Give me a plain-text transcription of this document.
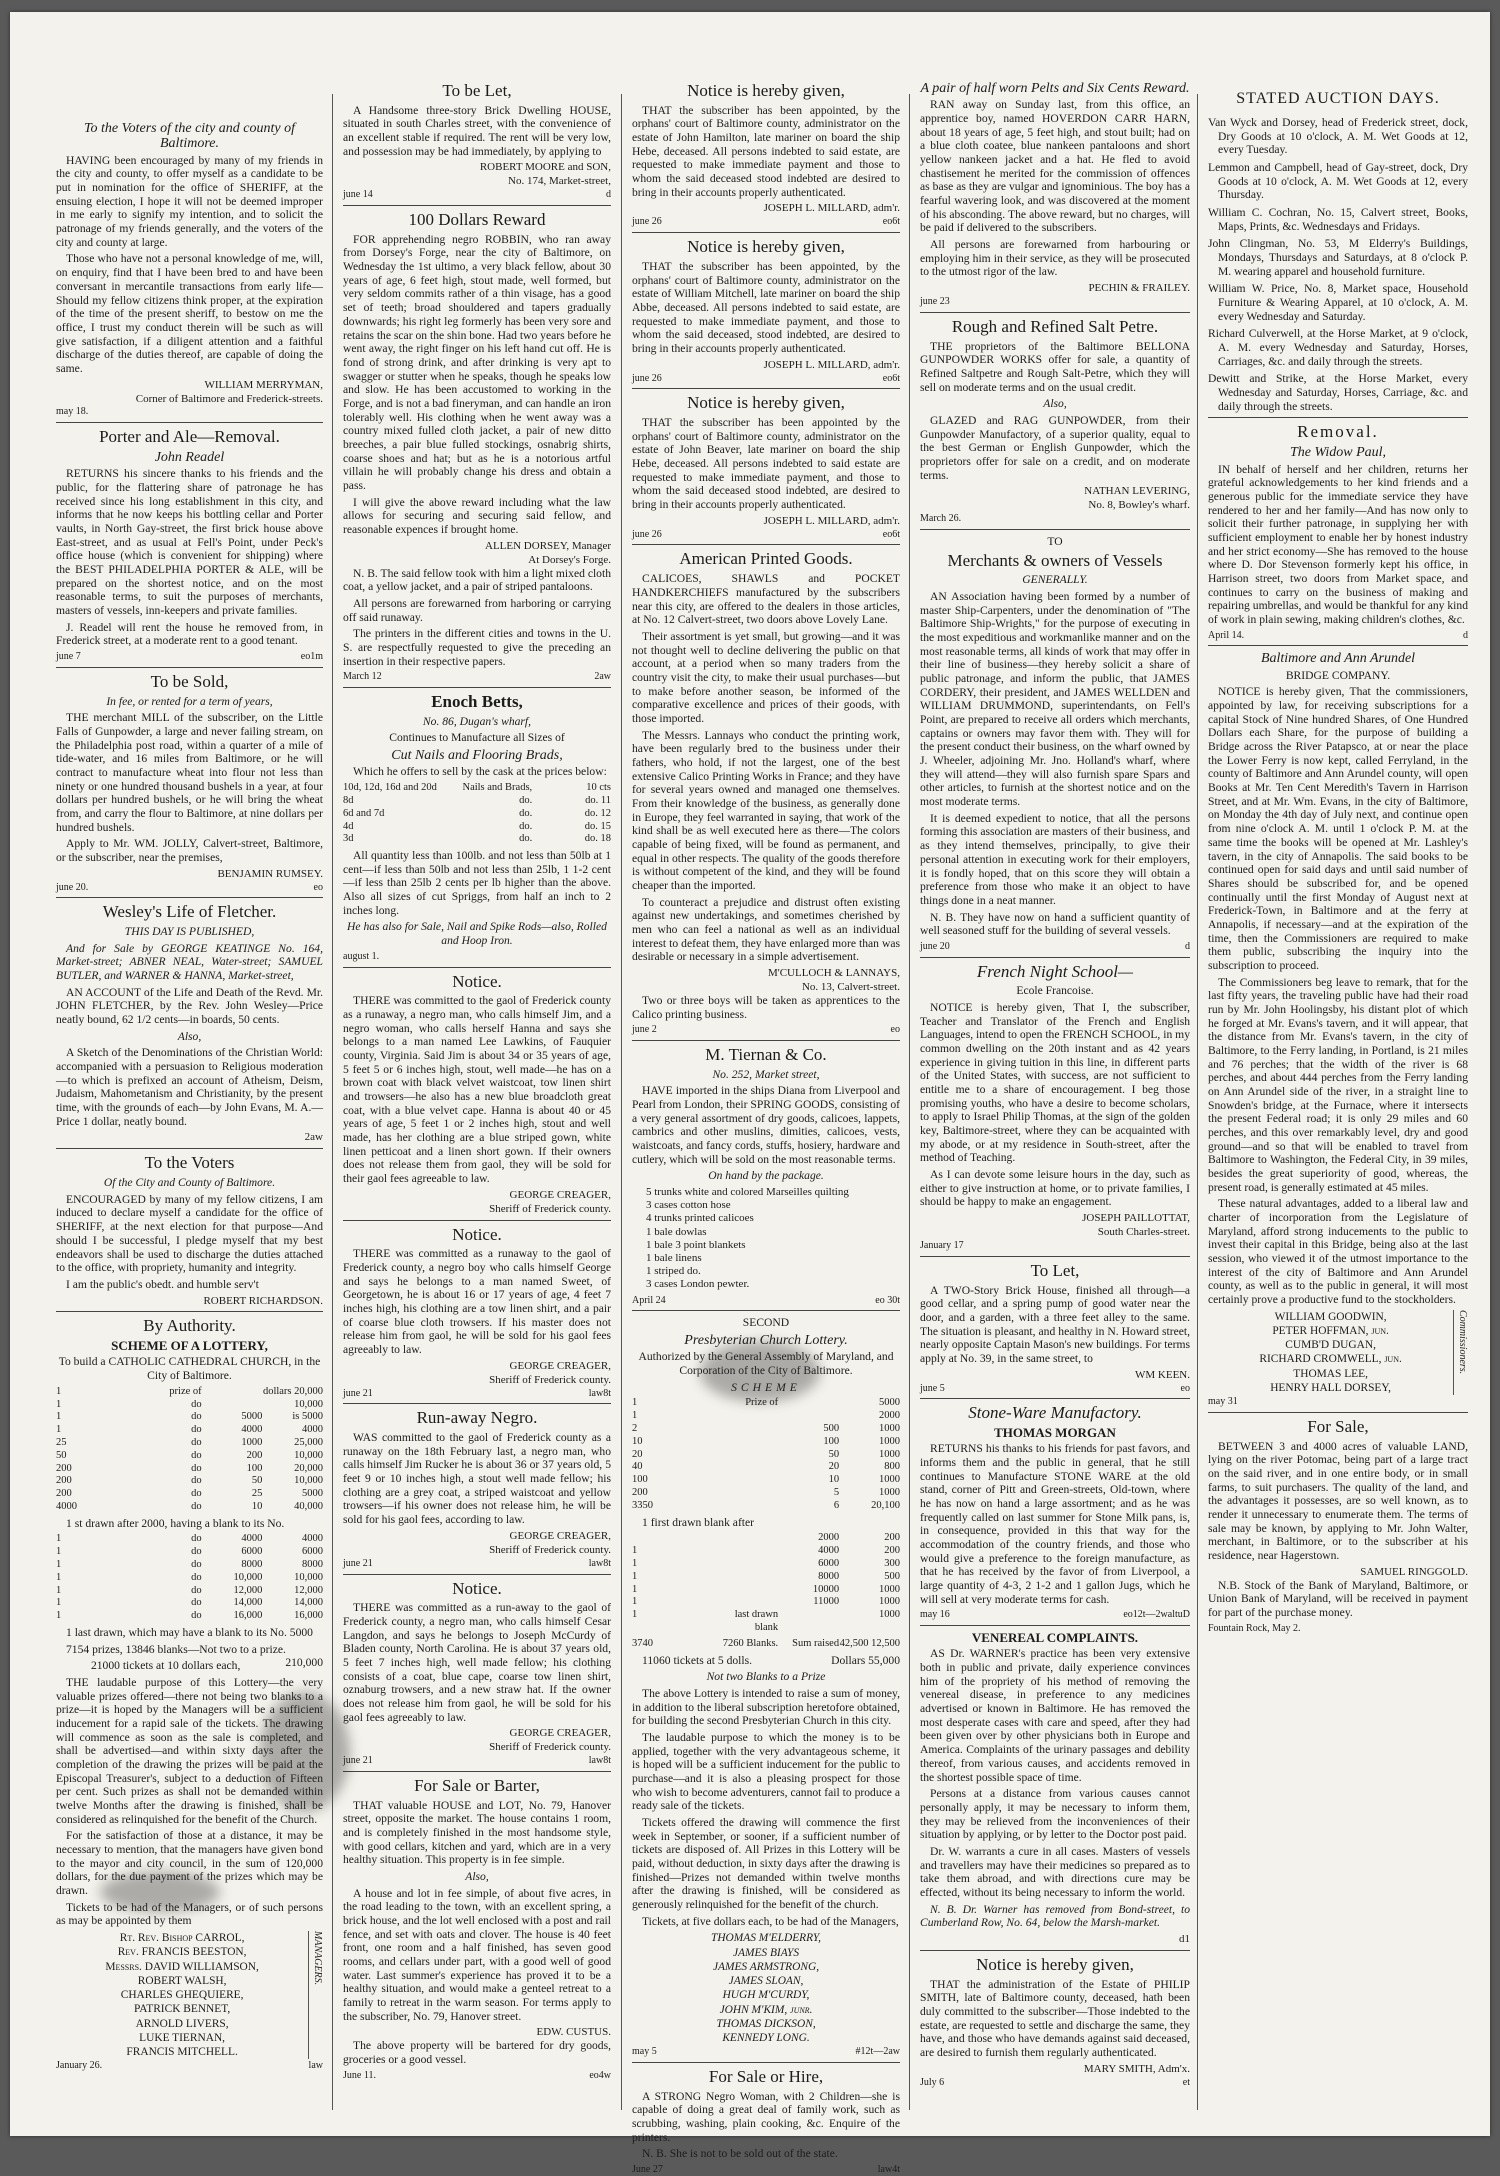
STATED AUCTION DAYS.
To the Voters of the city and county of Baltimore.

HAVING been encouraged by many of my friends in the city and county, to offer myself as a candidate to be put in nomination for the office of SHERIFF, at the ensuing election, I hope it will not be deemed improper in me early to signify my intention, and to solicit the patronage of my friends generally, and the voters of the city and county at large.

Those who have not a personal knowledge of me, will, on enquiry, find that I have been bred to and have been conversant in mercantile transactions from early life—Should my fellow citizens think proper, at the expiration of the time of the present sheriff, to bestow on me the office, I trust my conduct therein will be such as will give satisfaction, if a diligent attention and a faithful discharge of the duties thereof, are capable of doing the same.

WILLIAM MERRYMAN,

Corner of Baltimore and Frederick-streets.

may 18.

Porter and Ale—Removal.
John Readel

RETURNS his sincere thanks to his friends and the public, for the flattering share of patronage he has received since his long establishment in this city, and informs that he now keeps his bottling cellar and Porter vaults, in North Gay-street, the first brick house above East-street, and as usual at Fell's Point, under Peck's office house (which is convenient for shipping) where the BEST PHILADELPHIA PORTER & ALE, will be prepared on the shortest notice, and on the most reasonable terms, to suit the purposes of merchants, masters of vessels, inn-keepers and private families.

J. Readel will rent the house he removed from, in Frederick street, at a moderate rent to a good tenant.

june 7	eo1m

To be Sold,

In fee, or rented for a term of years,

THE merchant MILL of the subscriber, on the Little Falls of Gunpowder, a large and never failing stream, on the Philadelphia post road, within a quarter of a mile of tide-water, and 16 miles from Baltimore, or he will contract to manufacture wheat into flour not less than ninety or one hundred thousand bushels in a year, at four dollars per hundred bushels, or he will bring the wheat from, and carry the flour to Baltimore, at nine dollars per hundred bushels.

Apply to Mr. WM. JOLLY, Calvert-street, Baltimore, or the subscriber, near the premises,

BENJAMIN RUMSEY.

june 20.	eo

Wesley's Life of Fletcher.

THIS DAY IS PUBLISHED,

And for Sale by GEORGE KEATINGE No. 164, Market-street; ABNER NEAL, Water-street; SAMUEL BUTLER, and WARNER & HANNA, Market-street,

AN ACCOUNT of the Life and Death of the Revd. Mr. JOHN FLETCHER, by the Rev. John Wesley—Price neatly bound, 62 1/2 cents—in boards, 50 cents.

Also,

A Sketch of the Denominations of the Christian World: accompanied with a persuasion to Religious moderation—to which is prefixed an account of Atheism, Deism, Judaism, Mahometanism and Christianity, by the present time, with the grounds of each—by John Evans, M. A.—Price 1 dollar, neatly bound.

2aw

To the Voters

Of the City and County of Baltimore.

ENCOURAGED by many of my fellow citizens, I am induced to declare myself a candidate for the office of SHERIFF, at the next election for that purpose—And should I be successful, I pledge myself that my best endeavors shall be used to discharge the duties attached to the office, with propriety, humanity and integrity.

I am the public's obedt. and humble serv't

ROBERT RICHARDSON.

By Authority.
SCHEME OF A LOTTERY,

To build a CATHOLIC CATHEDRAL CHURCH, in the City of Baltimore.

1	prize of	dollars 20,000
1	do	10,000
1	do	5000	is 5000
1	do	4000	4000
25	do	1000	25,000
50	do	200	10,000
200	do	100	20,000
200	do	50	10,000
200	do	25	5000
4000	do	10	40,000

1 st drawn after 2000, having a blank to its No.

1	do	4000	4000
1	do	6000	6000
1	do	8000	8000
1	do	10,000	10,000
1	do	12,000	12,000
1	do	14,000	14,000
1	do	16,000	16,000

1 last drawn, which may have a blank to its No. 5000

7154 prizes, 13846 blanks—Not two to a prize.
210,000

21000 tickets at 10 dollars each,

THE laudable purpose of this Lottery—the very valuable prizes offered—there not being two blanks to a prize—it is hoped by the Managers will be a sufficient inducement for a rapid sale of the tickets. The drawing will commence as soon as the sale is completed, and shall be advertised—and within sixty days after the completion of the drawing the prizes will be paid at the Episcopal Treasurer's, subject to a deduction of Fifteen per cent. Such prizes as shall not be demanded within twelve Months after the drawing is finished, shall be considered as relinquished for the benefit of the Church.

For the satisfaction of those at a distance, it may be necessary to mention, that the managers have given bond to the mayor and city council, in the sum of 120,000 dollars, for the due payment of the prizes which may be drawn.

Tickets to be had of the Managers, or of such persons as may be appointed by them

Rt. Rev. Bishop CARROL,
Rev. FRANCIS BEESTON,
Messrs. DAVID WILLIAMSON,
ROBERT WALSH,
CHARLES GHEQUIERE,
PATRICK BENNET,
ARNOLD LIVERS,
LUKE TIERNAN,
FRANCIS MITCHELL.
MANAGERS.

January 26.	law

To be Let,

A Handsome three-story Brick Dwelling HOUSE, situated in south Charles street, with the convenience of an excellent stable if required. The rent will be very low, and possession may be had immediately, by applying to

ROBERT MOORE and SON,

No. 174, Market-street,

june 14	d

100 Dollars Reward

FOR apprehending negro ROBBIN, who ran away from Dorsey's Forge, near the city of Baltimore, on Wednesday the 1st ultimo, a very black fellow, about 30 years of age, 6 feet high, stout made, well formed, but very seldom commits rather of a thin visage, has a good set of teeth; broad shouldered and tapers gradually downwards; his right leg formerly has been very sore and retains the scar on the shin bone. Had two years before he went away, the right finger on his left hand cut off. He is fond of strong drink, and after drinking is very apt to swagger or stutter when he speaks, though he speaks low and slow. He has been accustomed to working in the Forge, and is not a bad fineryman, and can handle an iron tolerably well. His clothing when he went away was a country mixed fulled cloth jacket, a pair of new ditto breeches, a pair blue fulled stockings, osnabrig shirts, coarse shoes and hat; but as he is a notorious artful villain he will probably change his dress and obtain a pass.

I will give the above reward including what the law allows for securing and securing said fellow, and reasonable expences if brought home.

ALLEN DORSEY, Manager

At Dorsey's Forge.

N. B. The said fellow took with him a light mixed cloth coat, a yellow jacket, and a pair of striped pantaloons.

All persons are forewarned from harboring or carrying off said runaway.

The printers in the different cities and towns in the U. S. are respectfully requested to give the preceding an insertion in their respective papers.

March 12	2aw

Enoch Betts,

No. 86, Dugan's wharf,

Continues to Manufacture all Sizes of

Cut Nails and Flooring Brads,

Which he offers to sell by the cask at the prices below:

10d, 12d, 16d and 20d	Nails and Brads,	10 cts
8d	do.	do. 11
6d and 7d	do.	do. 12
4d	do.	do. 15
3d	do.	do. 18

All quantity less than 100lb. and not less than 50lb at 1 cent—if less than 50lb and not less than 25lb, 1 1-2 cent—if less than 25lb 2 cents per lb higher than the above. Also all sizes of cut Spriggs, from half an inch to 2 inches long.

He has also for Sale, Nail and Spike Rods—also, Rolled and Hoop Iron.

august 1.

Notice.

THERE was committed to the gaol of Frederick county as a runaway, a negro man, who calls himself Jim, and a negro woman, who calls herself Hanna and says she belongs to a man named Lee Lawkins, of Fauquier county, Virginia. Said Jim is about 34 or 35 years of age, 5 feet 5 or 6 inches high, stout, well made—he has on a brown coat with black velvet waistcoat, tow linen shirt and trowsers—he also has a new blue broadcloth great coat, with a blue velvet cape. Hanna is about 40 or 45 years of age, 5 feet 1 or 2 inches high, stout and well made, has her clothing are a blue striped gown, white linen petticoat and a linen short gown. If their owners does not release them from gaol, they will be sold for their gaol fees agreeable to law.

GEORGE CREAGER,

Sheriff of Frederick county.

Notice.

THERE was committed as a runaway to the gaol of Frederick county, a negro boy who calls himself George and says he belongs to a man named Sweet, of Georgetown, he is about 16 or 17 years of age, 4 feet 7 inches high, his clothing are a tow linen shirt, and a pair of coarse blue cloth trowsers. If his master does not release him from gaol, he will be sold for his gaol fees agreeably to law.

GEORGE CREAGER,

Sheriff of Frederick county.

june 21	law8t

Run-away Negro.

WAS committed to the gaol of Frederick county as a runaway on the 18th February last, a negro man, who calls himself Jim Rucker he is about 36 or 37 years old, 5 feet 9 or 10 inches high, a stout well made fellow; his clothing are a grey coat, a striped waistcoat and yellow trowsers—if his owner does not release him, he will be sold for his gaol fees, according to law.

GEORGE CREAGER,

Sheriff of Frederick county.

june 21	law8t

Notice.

THERE was committed as a run-away to the gaol of Frederick county, a negro man, who calls himself Cesar Langdon, and says he belongs to Joseph McCurdy of Bladen county, North Carolina. He is about 37 years old, 5 feet 7 inches high, well made fellow; his clothing consists of a coat, blue cape, coarse tow linen shirt, oznaburg trowsers, and a new straw hat. If the owner does not release him from gaol, he will be sold for his gaol fees agreeably to law.

GEORGE CREAGER,

Sheriff of Frederick county.

june 21	law8t

For Sale or Barter,

THAT valuable HOUSE and LOT, No. 79, Hanover street, opposite the market. The house contains 1 room, and is completely finished in the most handsome style, with good cellars, kitchen and yard, which are in a very healthy situation. This property is in fee simple.

Also,

A house and lot in fee simple, of about five acres, in the road leading to the town, with an excellent spring, a brick house, and the lot well enclosed with a post and rail fence, and set with oats and clover. The house is 40 feet front, one room and a half finished, has seven good rooms, and cellars under part, with a good well of good water. Last summer's experience has proved it to be a healthy situation, and would make a genteel retreat to a family to retreat in the warm season. For terms apply to the subscriber, No. 79, Hanover street.

EDW. CUSTUS.

The above property will be bartered for dry goods, groceries or a good vessel.

June 11.	eo4w

Notice is hereby given,

THAT the subscriber has been appointed, by the orphans' court of Baltimore county, administrator on the estate of John Hamilton, late mariner on board the ship Hebe, deceased. All persons indebted to said estate, are requested to make immediate payment and those to whom the said deceased stood indebted are desired to bring in their accounts properly authenticated.

JOSEPH L. MILLARD, adm'r.

june 26	eo6t

Notice is hereby given,

THAT the subscriber has been appointed, by the orphans' court of Baltimore county, administrator on the estate of William Mitchell, late mariner on board the ship Abbe, deceased. All persons indebted to said estate, are requested to make immediate payment, and those to whom the said deceased, stood indebted, are desired to bring in their accounts properly authenticated.

JOSEPH L. MILLARD, adm'r.

june 26	eo6t

Notice is hereby given,

THAT the subscriber has been appointed by the orphans' court of Baltimore county, administrator on the estate of John Beaver, late mariner on board the ship Hebe, deceased. All persons indebted to said estate are requested to make immediate payment, and those to whom the said deceased stood indebted, are desired to bring in their accounts properly authenticated.

JOSEPH L. MILLARD, adm'r.

june 26	eo6t

American Printed Goods.

CALICOES, SHAWLS and POCKET HANDKERCHIEFS manufactured by the subscribers near this city, are offered to the dealers in those articles, at No. 12 Calvert-street, two doors above Lovely Lane.

Their assortment is yet small, but growing—and it was not thought well to decline delivering the public on that account, at a period when so many traders from the country visit the city, to make their usual purchases—but to make before another season, be informed of the comparative excellence and prices of their goods, with those imported.

The Messrs. Lannays who conduct the printing work, have been regularly bred to the business under their fathers, who hold, if not the largest, one of the best extensive Calico Printing Works in France; and they have for several years owned and managed one themselves. From their knowledge of the business, as generally done in Europe, they feel warranted in saying, that work of the kind shall be as well executed here as there—The colors capable of being fixed, will be found as permanent, and equal in other respects. The quality of the goods therefore is without competent of the kind, and they will be found cheaper than the imported.

To counteract a prejudice and distrust often existing against new undertakings, and sometimes cherished by men who can feel a national as well as an individual interest to defeat them, they have enlarged more than was desirable or necessary in a simple advertisement.

M'CULLOCH & LANNAYS,

No. 13, Calvert-street.

Two or three boys will be taken as apprentices to the Calico printing business.

june 2	eo

M. Tiernan & Co.

No. 252, Market street,

HAVE imported in the ships Diana from Liverpool and Pearl from London, their SPRING GOODS, consisting of a very general assortment of dry goods, calicoes, lappets, cambrics and other muslins, dimities, calicoes, vests, waistcoats, and fancy cords, stuffs, hosiery, hardware and cutlery, which will be sold on the most reasonable terms.

On hand by the package.

5 trunks white and colored Marseilles quilting
3 cases cotton hose
4 trunks printed calicoes
1 bale dowlas
1 bale 3 point blankets
1 bale linens
1 striped do.
3 cases London pewter.

April 24	eo 30t

SECOND

Presbyterian Church Lottery.

Authorized by the General Assembly of Maryland, and Corporation of the City of Baltimore.

SCHEME

1	Prize of	5000
1	2000
2	500	1000
10	100	1000
20	50	1000
40	20	800
100	10	1000
200	5	1000
3350	6	20,100

1 first drawn blank after

2000	200
1	4000	200
1	6000	300
1	8000	500
1	10000	1000
1	11000	1000
1	last drawn blank
1000
3740	7260 Blanks.	Sum raised 42,500 12,500

11060 tickets at 5 dolls.	Dollars 55,000

Not two Blanks to a Prize

The above Lottery is intended to raise a sum of money, in addition to the liberal subscription heretofore obtained, for building the second Presbyterian Church in this city.

The laudable purpose to which the money is to be applied, together with the very advantageous scheme, it is hoped will be a sufficient inducement for the public to purchase—and it is also a pleasing prospect for those who wish to become adventurers, cannot fail to produce a ready sale of the tickets.

Tickets offered the drawing will commence the first week in September, or sooner, if a sufficient number of tickets are disposed of. All Prizes in this Lottery will be paid, without deduction, in sixty days after the drawing is finished—Prizes not demanded within twelve months after the drawing is finished, will be considered as generously relinquished for the benefit of the church.

Tickets, at five dollars each, to be had of the Managers,

THOMAS M'ELDERRY,
JAMES BIAYS
JAMES ARMSTRONG,
JAMES SLOAN,
HUGH M'CURDY,
JOHN M'KIM, junr.
THOMAS DICKSON,
KENNEDY LONG.

may 5	#12t—2aw

For Sale or Hire,

A STRONG Negro Woman, with 2 Children—she is capable of doing a great deal of family work, such as scrubbing, washing, plain cooking, &c. Enquire of the printers.

N. B. She is not to be sold out of the state.

June 27	law4t

A pair of half worn Pelts and Six Cents Reward.

RAN away on Sunday last, from this office, an apprentice boy, named HOVERDON CARR HARN, about 18 years of age, 5 feet high, and stout built; had on a blue cloth coatee, blue nankeen pantaloons and short yellow nankeen jacket and a hat. He fled to avoid chastisement he merited for the commission of offences as base as they are vulgar and ignominious. The boy has a fearful wavering look, and was discovered at the moment of his absconding. The above reward, but no charges, will be paid if delivered to the subscribers.

All persons are forewarned from harbouring or employing him in their service, as they will be prosecuted to the utmost rigor of the law.

PECHIN & FRAILEY.

june 23

Rough and Refined Salt Petre.

THE proprietors of the Baltimore BELLONA GUNPOWDER WORKS offer for sale, a quantity of Refined Saltpetre and Rough Salt-Petre, which they will sell on moderate terms and on the usual credit.

Also,

GLAZED and RAG GUNPOWDER, from their Gunpowder Manufactory, of a superior quality, equal to the best German or English Gunpowder, which the proprietors offer for sale on a credit, and on moderate terms.

NATHAN LEVERING,

No. 8, Bowley's wharf.

March 26.

TO

Merchants & owners of Vessels

GENERALLY.

AN Association having been formed by a number of master Ship-Carpenters, under the denomination of "The Baltimore Ship-Wrights," for the purpose of executing in the most expeditious and workmanlike manner and on the most reasonable terms, all kinds of work that may offer in their line of business—they hereby solicit a share of public patronage, and inform the public, that JAMES CORDERY, their president, and JAMES WELLDEN and WILLIAM DRUMMOND, superintendants, on Fell's Point, are prepared to receive all orders which merchants, captains or owners may favor them with. They will for the present conduct their business, on the wharf owned by J. Wheeler, adjoining Mr. Jno. Holland's wharf, where they will attend—they will also furnish spare Spars and other articles, to furnish at the shortest notice and on the most moderate terms.

It is deemed expedient to notice, that all the persons forming this association are masters of their business, and as they intend themselves, principally, to give their personal attention in executing work for their employers, it is fondly hoped, that on this score they will obtain a preference from those who make it an object to have things done in a neat manner.

N. B. They have now on hand a sufficient quantity of well seasoned stuff for the building of several vessels.

june 20	d

French Night School—

Ecole Francoise.

NOTICE is hereby given, That I, the subscriber, Teacher and Translator of the French and English Languages, intend to open the FRENCH SCHOOL, in my common dwelling on the 20th instant and as 42 years experience in giving tuition in this line, in different parts of the United States, with success, are not sufficient to entitle me to a share of encouragement. I beg those promising youths, who have a desire to become scholars, to apply to Israel Philip Thomas, at the sign of the golden key, Baltimore-street, where they can be acquainted with my abode, or at my residence in South-street, after the method of Teaching.

As I can devote some leisure hours in the day, such as either to give instruction at home, or to private families, I should be happy to make an engagement.

JOSEPH PAILLOTTAT,

South Charles-street.

January 17

To Let,

A TWO-Story Brick House, finished all through—a good cellar, and a spring pump of good water near the door, and a garden, with a three feet alley to the same. The situation is pleasant, and healthy in N. Howard street, nearly opposite Captain Mason's new buildings. For terms apply at No. 39, in the same street, to

WM KEEN.

june 5	eo

Stone-Ware Manufactory.
THOMAS MORGAN

RETURNS his thanks to his friends for past favors, and informs them and the public in general, that he still continues to Manufacture STONE WARE at the old stand, corner of Pitt and Green-streets, Old-town, where he has now on hand a large assortment; and as he was frequently called on last summer for Stone Milk pans, is, in consequence, provided in this that way for the accommodation of the country friends, and those who would give a preference to the foreign manufacture, as that he has received by the favor of from Liverpool, a large quantity of 4-3, 2 1-2 and 1 gallon Jugs, which he will sell at very moderate terms for cash.

may 16	eo12t—2waltuD

VENEREAL COMPLAINTS.

AS Dr. WARNER's practice has been very extensive both in public and private, daily experience convinces him of the propriety of his method of removing the venereal disease, in preference to any medicines advertised or known in Baltimore. He has removed the most desperate cases with care and speed, after they had been given over by other physicians both in Europe and America. Complaints of the urinary passages and debility thereof, from various causes, and accidents removed in the shortest possible space of time.

Persons at a distance from various causes cannot personally apply, it may be necessary to inform them, they may be relieved from the inconveniences of their situation by applying, or by letter to the Doctor post paid.

Dr. W. warrants a cure in all cases. Masters of vessels and travellers may have their medicines so prepared as to take them abroad, and with directions cure may be effected, without its being necessary to inform the world.

N. B. Dr. Warner has removed from Bond-street, to Cumberland Row, No. 64, below the Marsh-market.

d1

Notice is hereby given,

THAT the administration of the Estate of PHILIP SMITH, late of Baltimore county, deceased, hath been duly committed to the subscriber—Those indebted to the estate, are requested to settle and discharge the same, they have, and those who have demands against said deceased, are desired to furnish them regularly authenticated.

MARY SMITH, Adm'x.

July 6	et

Van Wyck and Dorsey, head of Frederick street, dock, Dry Goods at 10 o'clock, A. M. Wet Goods at 12, every Tuesday.

Lemmon and Campbell, head of Gay-street, dock, Dry Goods at 10 o'clock, A. M. Wet Goods at 12, every Thursday.

William C. Cochran, No. 15, Calvert street, Books, Maps, Prints, &c. Wednesdays and Fridays.

John Clingman, No. 53, M Elderry's Buildings, Mondays, Thursdays and Saturdays, at 8 o'clock P. M. wearing apparel and household furniture.

William W. Price, No. 8, Market space, Household Furniture & Wearing Apparel, at 10 o'clock, A. M. every Wednesday and Saturday.

Richard Culverwell, at the Horse Market, at 9 o'clock, A. M. every Wednesday and Saturday, Horses, Carriages, &c. and daily through the streets.

Dewitt and Strike, at the Horse Market, every Wednesday and Saturday, Horses, Carriage, &c. and daily through the streets.

Removal.
The Widow Paul,

IN behalf of herself and her children, returns her grateful acknowledgements to her kind friends and a generous public for the immediate service they have rendered to her and her family—And has now only to solicit their further patronage, in supplying her with sufficient employment to enable her by honest industry and her strict economy—She has removed to the house where D. Dor Stevenson formerly kept his office, in Harrison street, two doors from Market space, and continues to carry on the business of making and repairing umbrellas, and would be thankful for any kind of work in plain sewing, making children's clothes, &c.

April 14.	d

Baltimore and Ann Arundel

BRIDGE COMPANY.

NOTICE is hereby given, That the commissioners, appointed by law, for receiving subscriptions for a capital Stock of Nine hundred Shares, of One Hundred Dollars each Share, for the purpose of building a Bridge across the River Patapsco, at or near the place the Lower Ferry is now kept, called Ferryland, in the county of Baltimore and Ann Arundel county, will open Books at Mr. Ten Cent Meredith's Tavern in Harrison Street, and at Mr. Wm. Evans, in the city of Baltimore, on Monday the 4th day of July next, and continue open from nine o'clock A. M. until 1 o'clock P. M. at the same time the books will be opened at Mr. Lashley's tavern, in the city of Annapolis. The said books to be continued open for said days and until said number of Shares should be subscribed for, and be opened continually until the first Monday of August next at Frederick-Town, in Baltimore and at the ferry at Annapolis, if necessary—and at the expiration of the time, then the Commissioners are required to make them public, subscribing the inquiry into the subscription to proceed.

The Commissioners beg leave to remark, that for the last fifty years, the traveling public have had their road run by Mr. John Hoolingsby, his distant plot of which he forged at Mr. Evans's tavern, and it will appear, that the distance from Mr. Evans's tavern, in the city of Baltimore, to the Ferry landing, in Portland, is 21 miles and 76 perches; that the width of the river is 68 perches, and about 444 perches from the Ferry landing on Ann Arundel side of the river, in a straight line to Snowden's bridge, at the Furnace, where it intersects the present Federal road; it is only 29 miles and 60 perches, and this over remarkably level, dry and good ground—and so that will be enabled to travel from Baltimore to Washington, the Federal City, in 39 miles, besides the great superiority of good, whereas, the present road, is generally estimated at 45 miles.

These natural advantages, added to a liberal law and charter of incorporation from the Legislature of Maryland, afford strong inducements to the public to invest their capital in this Bridge, being also at the last session, who viewed it of the utmost importance to the interest of the city of Baltimore and Ann Arundel county, as well as to the public in general, it will most certainly prove a productive fund to the stockholders.

WILLIAM GOODWIN,
PETER HOFFMAN, jun.
CUMB'D DUGAN,
RICHARD CROMWELL, jun.
THOMAS LEE,
HENRY HALL DORSEY,
Commissioners.

may 31

For Sale,

BETWEEN 3 and 4000 acres of valuable LAND, lying on the river Potomac, being part of a large tract on the said river, and in one entire body, or in small farms, to suit purchasers. The quality of the land, and the advantages it possesses, are so well known, as to render it unnecessary to enumerate them. The terms of sale may be known, by applying to Mr. John Walter, merchant, in Baltimore, or to the subscriber at his residence, near Hagerstown.

SAMUEL RINGGOLD.

N.B. Stock of the Bank of Maryland, Baltimore, or Union Bank of Maryland, will be received in payment for part of the purchase money.

Fountain Rock, May 2.
